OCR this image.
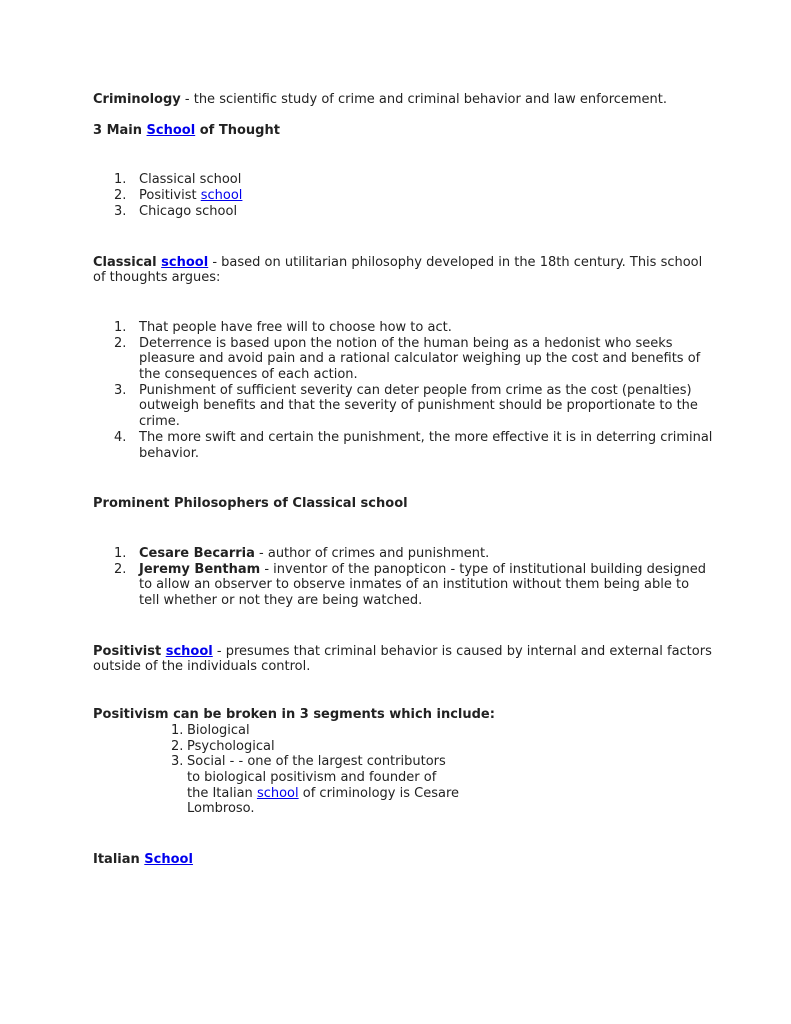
Criminology - the scientific study of crime and criminal behavior and law enforcement.

3 Main School of Thought

1. Classical school
2. Positivist school
3. Chicago school

Classical school - based on utilitarian philosophy developed in the 18th century. This school of thoughts argues:

1. That people have free will to choose how to act.
2. Deterrence is based upon the notion of the human being as a hedonist who seeks pleasure and avoid pain and a rational calculator weighing up the cost and benefits of the consequences of each action.
3. Punishment of sufficient severity can deter people from crime as the cost (penalties) outweigh benefits and that the severity of punishment should be proportionate to the crime.
4. The more swift and certain the punishment, the more effective it is in deterring criminal behavior.

Prominent Philosophers of Classical school

1. Cesare Becarria - author of crimes and punishment.
2. Jeremy Bentham - inventor of the panopticon - type of institutional building designed to allow an observer to observe inmates of an institution without them being able to tell whether or not they are being watched.

Positivist school - presumes that criminal behavior is caused by internal and external factors outside of the individuals control.

Positivism can be broken in 3 segments which include:

1. Biological
2. Psychological
3. Social - - one of the largest contributors
to biological positivism and founder of
the Italian school of criminology is Cesare
Lombroso.

Italian School
